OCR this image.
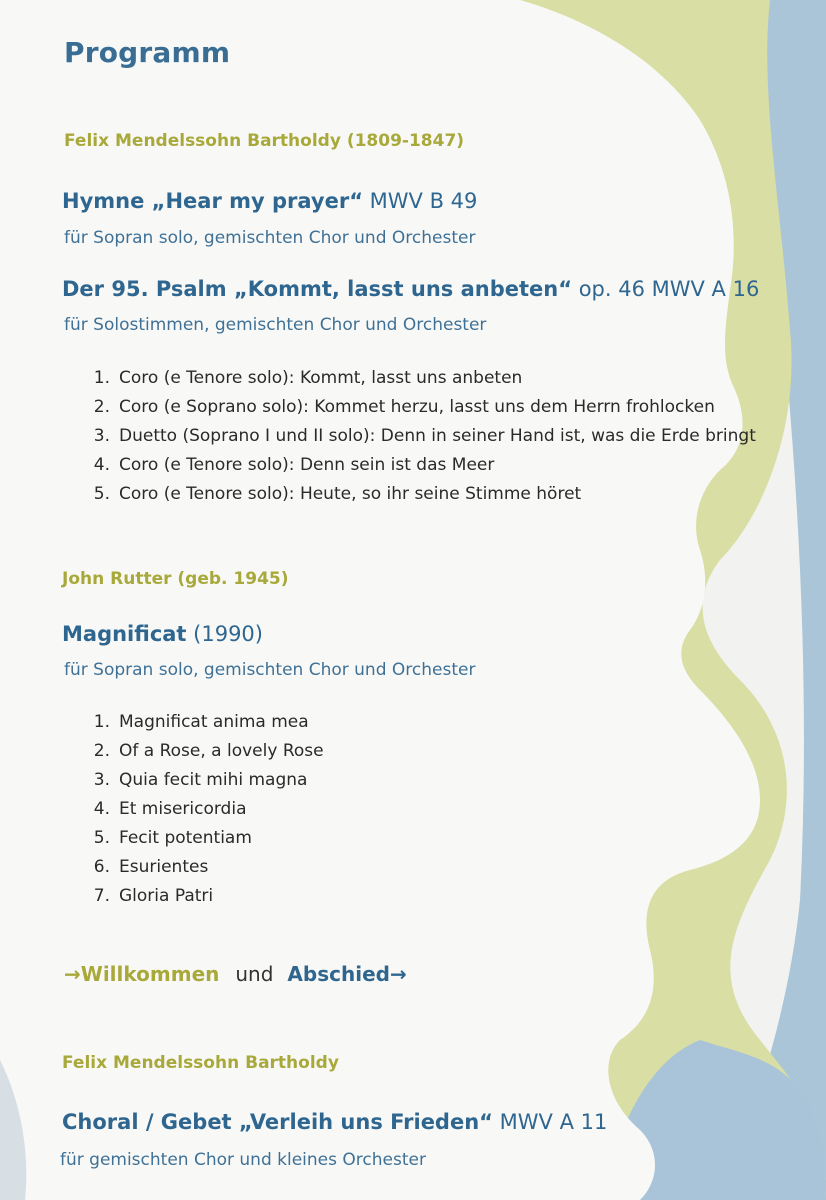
Programm

Felix Mendelssohn Bartholdy (1809-1847)

Hymne „Hear my prayer“ MWV B 49

für Sopran solo, gemischten Chor und Orchester

Der 95. Psalm „Kommt, lasst uns anbeten“ op. 46 MWV A 16

für Solostimmen, gemischten Chor und Orchester

1. Coro (e Tenore solo): Kommt, lasst uns anbeten
2. Coro (e Soprano solo): Kommet herzu, lasst uns dem Herrn frohlocken
3. Duetto (Soprano I und II solo): Denn in seiner Hand ist, was die Erde bringt
4. Coro (e Tenore solo): Denn sein ist das Meer
5. Coro (e Tenore solo): Heute, so ihr seine Stimme höret

John Rutter (geb. 1945)

Magnificat (1990)

für Sopran solo, gemischten Chor und Orchester

1. Magnificat anima mea
2. Of a Rose, a lovely Rose
3. Quia fecit mihi magna
4. Et misericordia
5. Fecit potentiam
6. Esurientes
7. Gloria Patri

→Willkommen und Abschied→

Felix Mendelssohn Bartholdy

Choral / Gebet „Verleih uns Frieden“ MWV A 11

für gemischten Chor und kleines Orchester
